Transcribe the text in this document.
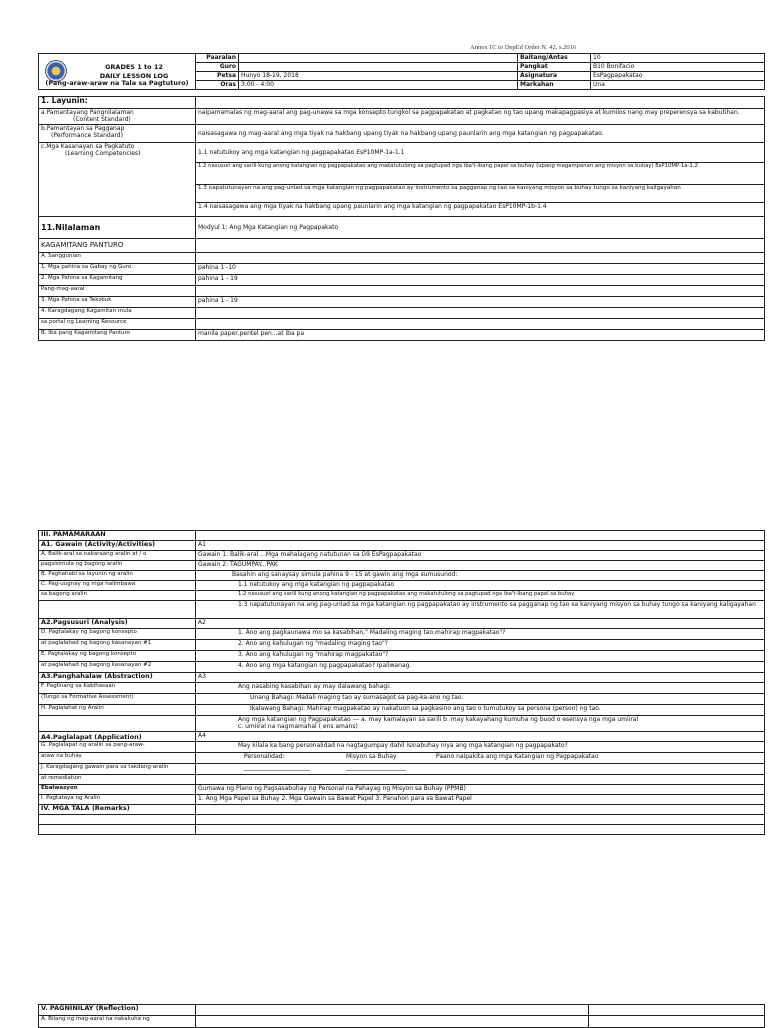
Annex 1C to DepEd Order N. 42, s.2016
GRADES 1 to 12
DAILY LESSON LOG
(Pang-araw-araw na Tala sa Pagtuturo)	Paaralan		Baitang/Antas	10
	Guro		Pangkat	B10 Bonifacio
	Petsa	Hunyo 18-19, 2018	Asignatura	EsPagpapakatao
	Oras	3:00 - 4:00	Markahan	Una
1. Layunin:	

a.Pamantayang Pangnilalaman
(Content Standard)	naipamamalas ng mag-aaral ang pag-unawa sa mga konsepto tungkol sa pagpapakatao at pagkatao ng tao upang makapagpasiya at kumilos nang may preperensya sa kabutihan.

b.Pamantayan sa Pagganap
(Performance Standard)	naisasagawa ng mag-aaral ang mga tiyak na hakbang upang tiyak na hakbang upang paunlarin ang mga katangian ng pagpapakatao.

c.Mga Kasanayan sa Pagkatuto
(Learning Competencies)	1.1 natutukoy ang mga katangian ng pagpapakatao EsP10MP-1a-1.1
	1.2 nasusuri ang sarili kung anong katangian ng pagpapakatao ang makatutulong sa pagtupad nga iba't-ibang papel sa buhay (upang magampanan ang misyon sa buhay) EsP10MP-1a-1.2
	1.3 napatutunayan na ang pag-unlad sa mga katangian ng pagpapakatao ay instrumento sa pagganap ng tao sa kaniyang misyon sa buhay tungo sa kaniyang kaligayahan
	1.4 naisasagawa ang mga tiyak na hakbang upang paunlarin ang mga katangian ng pagpapakatao EsP10MP-1b-1.4
11.Nilalaman	Modyul 1: Ang Mga Katangian ng Pagpapakato
KAGAMITANG PANTURO	
A. Sanggunian	
1. Mga pahina sa Gabay ng Guro	pahina 1 -10
2. Mga Pahina sa Kagamitang	pahina 1 - 19
Pang-mag-aaral	
3. Mga Pahina sa Teksbuk	pahina 1 - 19
4. Karagdagang Kagamitan mula	
sa portal ng Learning Resource	
B. Iba pang Kagamitang Panturo	manila paper,pentel pen...at iba pa
III. PAMAMARAAN	
A1. Gawain (Activity/Activities)	A1
A. Balik-aral sa nakaraang aralin at / o	Gawain 1: Balik-aral ...Mga mahalagang natutunan sa G9 EsPagpapakatao
pagsisimula ng bagong aralin	Gawain 2: TAGUMPAY...PAK
B. Paghahabi sa layunin ng aralin	Basahin ang sanaysay simula pahina 9 - 15 at gawin ang mga sumusunod:
C. Pag-uugnay ng mga halimbawa	1.1 natutukoy ang mga katangian ng pagpapakatao
sa bagong aralin	1.2 nasusuri ang sarili kung anong katangian ng pagpapakatao ang makatutulong sa pagtupad nga iba't-ibang papel sa buhay
	1.3 napatutunayan na ang pag-unlad sa mga katangian ng pagpapakatao ay instrumento sa pagganap ng tao sa kaniyang misyon sa buhay tungo sa kaniyang kaligayahan
A2.Pagsusuri (Analysis)	A2
D. Pagtalakay ng bagong konsepto	1. Ano ang pagkaunawa mo sa kasabihan," Madaling maging tao,mahirap magpakatao"?
at paglalahad ng bagong kasanayan #1	2. Ano ang kahulugan ng "madaling maging tao"?
E. Pagtalakay ng bagong konsepto	3. Ano ang kahulugan ng "mahirap magpakatao"?
at paglalahad ng bagong kasanayan #2	4. Ano ang mga katangian ng pagpapakatao? Ipaliwanag.
A3.Panghahalaw (Abstraction)	A3
F. Paglinang sa Kabihasaan	Ang nasabing kasabihan ay may dalawang bahagi:
(Tungo sa Formative Assessment)	Unang Bahagi: Madali maging tao ay sumasagot sa pag-ka-ano ng tao.
H. Paglalahat ng Aralin	Ikalawang Bahagi: Mahirap magpakatao ay nakatuon sa pagkasino ang tao o tumutukoy sa persona (person) ng tao.

	Ang mga katangian ng Pagpapakatao --- a. may kamalayan sa sarili b. may kakayahang kumuha ng buod o esensya nga mga umiiral
c. umiiral na nagmamahal ( ens amans)

A4.Paglalapat (Application)	A4
G. Paglalapat ng aralin sa pang-araw-	May kilala ka bang personalidad na nagtagumpay dahil isinabuhay niya ang mga katangian ng pagpapakato?
araw na buhay	Personalidad: Misyon sa Buhay Paano naipakita ang mga Katangian ng Pagpapakatao

J. Karagdagang gawain para sa takdang-aralin	______________________ ____________________

at remediation	
Ebalwasyon	Gumawa ng Plano ng Pagsasabuhay ng Personal na Pahayag ng Misyon sa Buhay (PPMB)
I. Pagtataya ng Aralin	1. Ang Mga Papel sa Buhay 2. Mga Gawain sa Bawat Papel 3. Panahon para sa Bawat Papel
IV. MGA TALA (Remarks)	

V. PAGNINILAY (Reflection)		
A. Bilang ng mag-aaral na nakakuha ng		
